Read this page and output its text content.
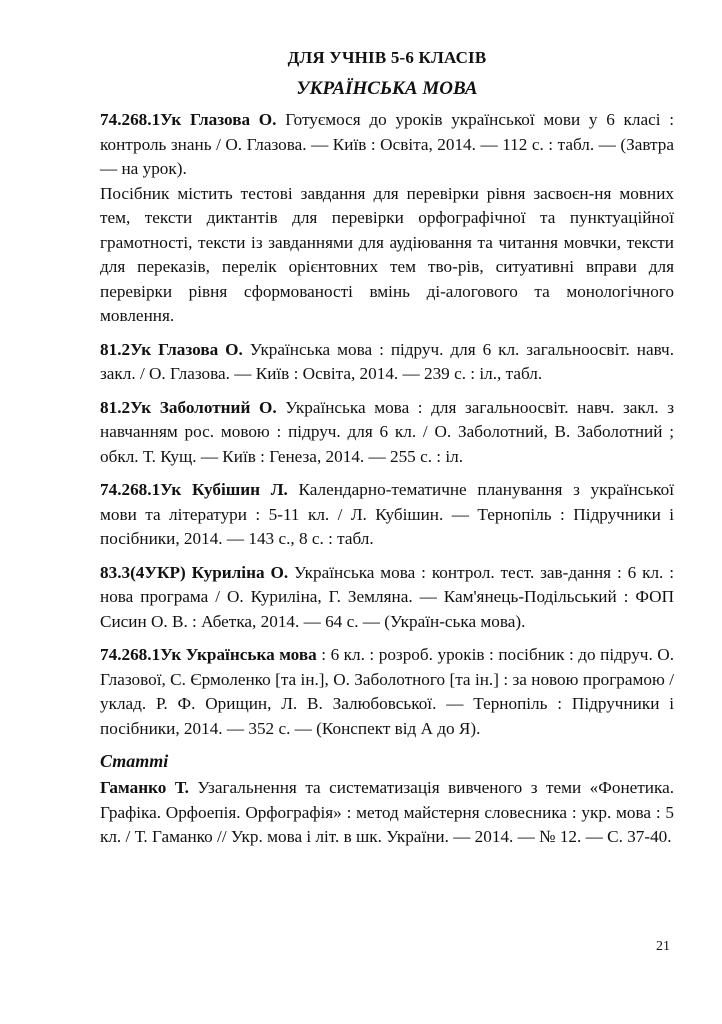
ДЛЯ УЧНІВ 5-6 КЛАСІВ
УКРАЇНСЬКА МОВА

74.268.1Ук Глазова О. Готуємося до уроків української мови у 6 класі : контроль знань / О. Глазова. — Київ : Освіта, 2014. — 112 с. : табл. — (Завтра — на урок).

Посібник містить тестові завдання для перевірки рівня засвоєн-ня мовних тем, тексти диктантів для перевірки орфографічної та пунктуаційної грамотності, тексти із завданнями для аудіювання та читання мовчки, тексти для переказів, перелік орієнтовних тем тво-рів, ситуативні вправи для перевірки рівня сформованості вмінь ді-алогового та монологічного мовлення.

81.2Ук Глазова О. Українська мова : підруч. для 6 кл. загальноосвіт. навч. закл. / О. Глазова. — Київ : Освіта, 2014. — 239 с. : іл., табл.

81.2Ук Заболотний О. Українська мова : для загальноосвіт. навч. закл. з навчанням рос. мовою : підруч. для 6 кл. / О. Заболотний, В. Заболотний ; обкл. Т. Кущ. — Київ : Генеза, 2014. — 255 с. : іл.

74.268.1Ук Кубішин Л. Календарно-тематичне планування з української мови та літератури : 5-11 кл. / Л. Кубішин. — Тернопіль : Підручники і посібники, 2014. — 143 с., 8 с. : табл.

83.3(4УКР) Куриліна О. Українська мова : контрол. тест. зав-дання : 6 кл. : нова програма / О. Куриліна, Г. Земляна. — Кам'янець-Подільський : ФОП Сисин О. В. : Абетка, 2014. — 64 с. — (Україн-ська мова).

74.268.1Ук Українська мова : 6 кл. : розроб. уроків : посібник : до підруч. О. Глазової, С. Єрмоленко [та ін.], О. Заболотного [та ін.] : за новою програмою / уклад. Р. Ф. Орищин, Л. В. Залюбовської. — Тернопіль : Підручники і посібники, 2014. — 352 с. — (Конспект від А до Я).

Статті

Гаманко Т. Узагальнення та систематизація вивченого з теми «Фонетика. Графіка. Орфоепія. Орфографія» : метод майстерня словесника : укр. мова : 5 кл. / Т. Гаманко // Укр. мова і літ. в шк. України. — 2014. — № 12. — С. 37-40.

21
